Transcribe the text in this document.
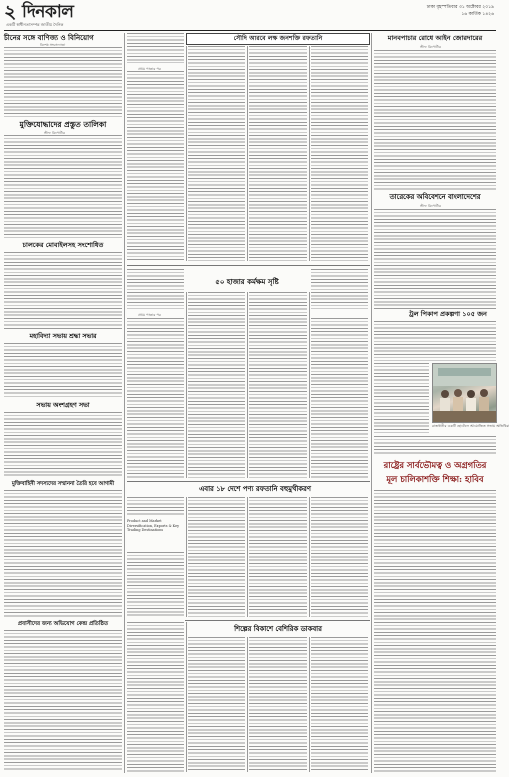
২ দিনকাল
একটি স্বাধীনতাসম্পন্ন জাতীয় দৈনিক
ঢাকা বৃহস্পতিবার ৩১ অক্টোবর ২০১৯
১৬ কার্তিক ১৪২৬
চীনের সঙ্গে বাণিজ্য ও বিনিয়োগ
বিশেষ সংবাদদাতা
মুক্তিযোদ্ধাদের প্রস্তুত তালিকা
স্টাফ রিপোর্টার
চালকের মোবাইলসহ সংশোধিত
মহাবিদ্যা সভায় শ্রদ্ধা সভার
সভায় অংশগ্রহণ সভা
মুক্তিবাহিনী সদস্যদের সম্মাননা তৈরি হবে আগামী
প্রবাসীদের জন্য অভিযোগ কেন্দ্র প্রতিষ্ঠিত
সৌদি আরবে লক্ষ জনশক্তি রফতানি
প্রথম পাতার পর
৫০ হাজার কর্মক্ষম সৃষ্টি
প্রথম পাতার পর
এবার ১৮ দেশে পণ্য রফতানি বহুমুখীকরণ
Product and Market Diversification, Exports & Key Trading Destinations
শিল্পের বিকাশে বেশিরিক ডাকবার
মানবপাচার রোধে আইন জোরদারের
স্টাফ রিপোর্টার
তারেকের অবিবেশনে বাংলাদেশের
স্টাফ রিপোর্টার
ট্রল পিকাপ প্রকল্পণা ১০৫ জন
রাজধানীর একটি হোটেলে আয়োজিত সভায় অতিথিরা
রাষ্ট্রের সার্বভৌমত্ব ও অগ্রগতির
মূল চালিকাশক্তি শিক্ষা: হাবিব
